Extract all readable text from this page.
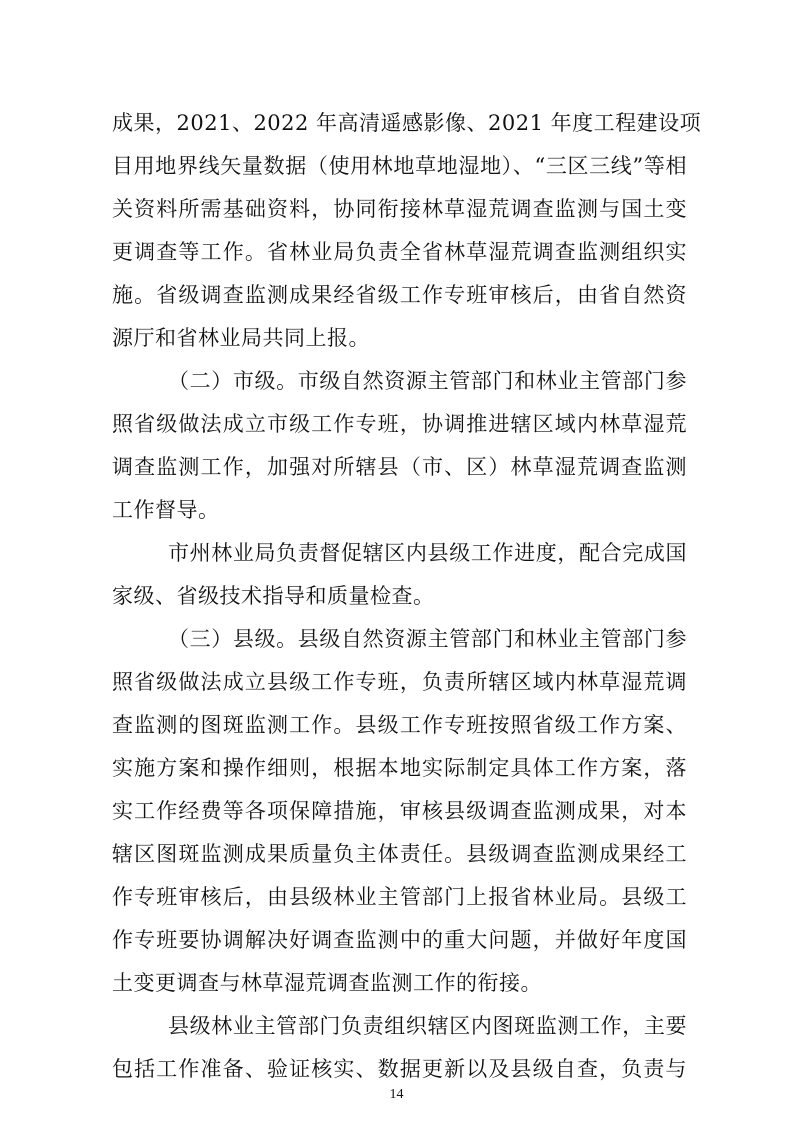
成果，2021、2022 年高清遥感影像、2021 年度工程建设项
目用地界线矢量数据（使用林地草地湿地）、“三区三线”等相
关资料所需基础资料，协同衔接林草湿荒调查监测与国土变
更调查等工作。省林业局负责全省林草湿荒调查监测组织实
施。省级调查监测成果经省级工作专班审核后，由省自然资
源厅和省林业局共同上报。
（二）市级。市级自然资源主管部门和林业主管部门参
照省级做法成立市级工作专班，协调推进辖区域内林草湿荒
调查监测工作，加强对所辖县（市、区）林草湿荒调查监测
工作督导。
市州林业局负责督促辖区内县级工作进度，配合完成国
家级、省级技术指导和质量检查。
（三）县级。县级自然资源主管部门和林业主管部门参
照省级做法成立县级工作专班，负责所辖区域内林草湿荒调
查监测的图斑监测工作。县级工作专班按照省级工作方案、
实施方案和操作细则，根据本地实际制定具体工作方案，落
实工作经费等各项保障措施，审核县级调查监测成果，对本
辖区图斑监测成果质量负主体责任。县级调查监测成果经工
作专班审核后，由县级林业主管部门上报省林业局。县级工
作专班要协调解决好调查监测中的重大问题，并做好年度国
土变更调查与林草湿荒调查监测工作的衔接。
县级林业主管部门负责组织辖区内图斑监测工作，主要
包括工作准备、验证核实、数据更新以及县级自查，负责与
14
